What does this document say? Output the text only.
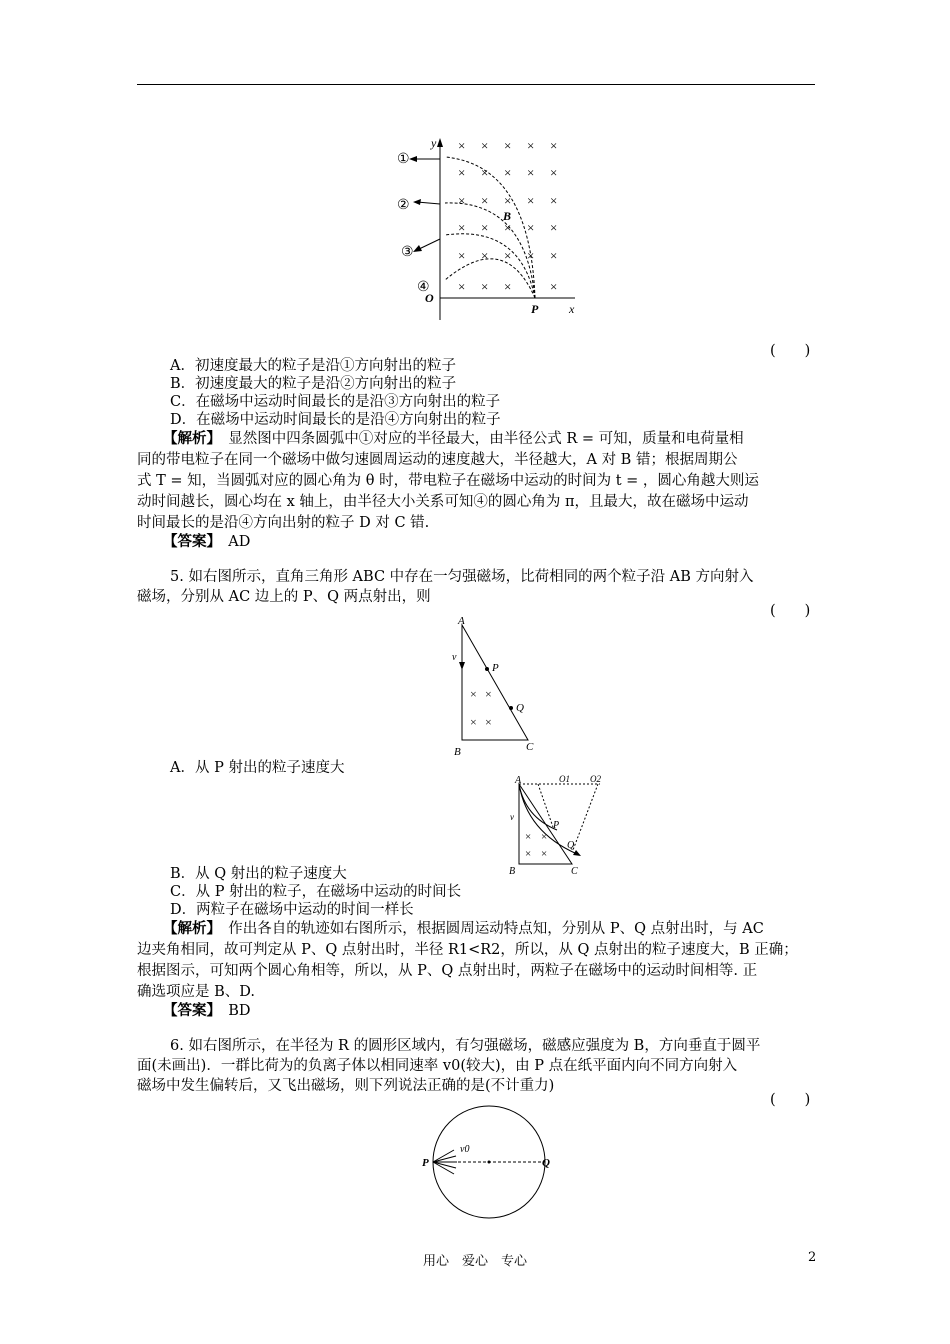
y
x
O
P
B
× × × × ×
× × × × ×
× × × × ×
× × × × ×
× × × × ×
× × ×	×
①
②
③
④
(　　)
A．初速度最大的粒子是沿①方向射出的粒子
B．初速度最大的粒子是沿②方向射出的粒子
C．在磁场中运动时间最长的是沿③方向射出的粒子
D．在磁场中运动时间最长的是沿④方向射出的粒子
【解析】　显然图中四条圆弧中①对应的半径最大，由半径公式 R = 可知，质量和电荷量相
同的带电粒子在同一个磁场中做匀速圆周运动的速度越大，半径越大，A 对 B 错；根据周期公
式 T = 知，当圆弧对应的圆心角为 θ 时，带电粒子在磁场中运动的时间为 t = ，圆心角越大则运
动时间越长，圆心均在 x 轴上，由半径大小关系可知④的圆心角为 π，且最大，故在磁场中运动
时间最长的是沿④方向出射的粒子 D 对 C 错.
【答案】　AD
5. 如右图所示，直角三角形 ABC 中存在一匀强磁场，比荷相同的两个粒子沿 AB 方向射入
磁场，分别从 AC 边上的 P、Q 两点射出，则
(　　)
A
B	C
v
P
Q
× ×
× ×
A．从 P 射出的粒子速度大
A
B	C
O1 O2
P
Q
v
× ×
× ×
B．从 Q 射出的粒子速度大
C．从 P 射出的粒子，在磁场中运动的时间长
D．两粒子在磁场中运动的时间一样长
【解析】　作出各自的轨迹如右图所示，根据圆周运动特点知，分别从 P、Q 点射出时，与 AC
边夹角相同，故可判定从 P、Q 点射出时，半径 R1<R2，所以，从 Q 点射出的粒子速度大，B 正确；
根据图示，可知两个圆心角相等，所以，从 P、Q 点射出时，两粒子在磁场中的运动时间相等. 正
确选项应是 B、D.
【答案】　BD
6. 如右图所示，在半径为 R 的圆形区域内，有匀强磁场，磁感应强度为 B，方向垂直于圆平
面(未画出)．一群比荷为的负离子体以相同速率 v0(较大)，由 P 点在纸平面内向不同方向射入
磁场中发生偏转后，又飞出磁场，则下列说法正确的是(不计重力)
(　　)
P	Q
v0
用心　爱心　专心	2
